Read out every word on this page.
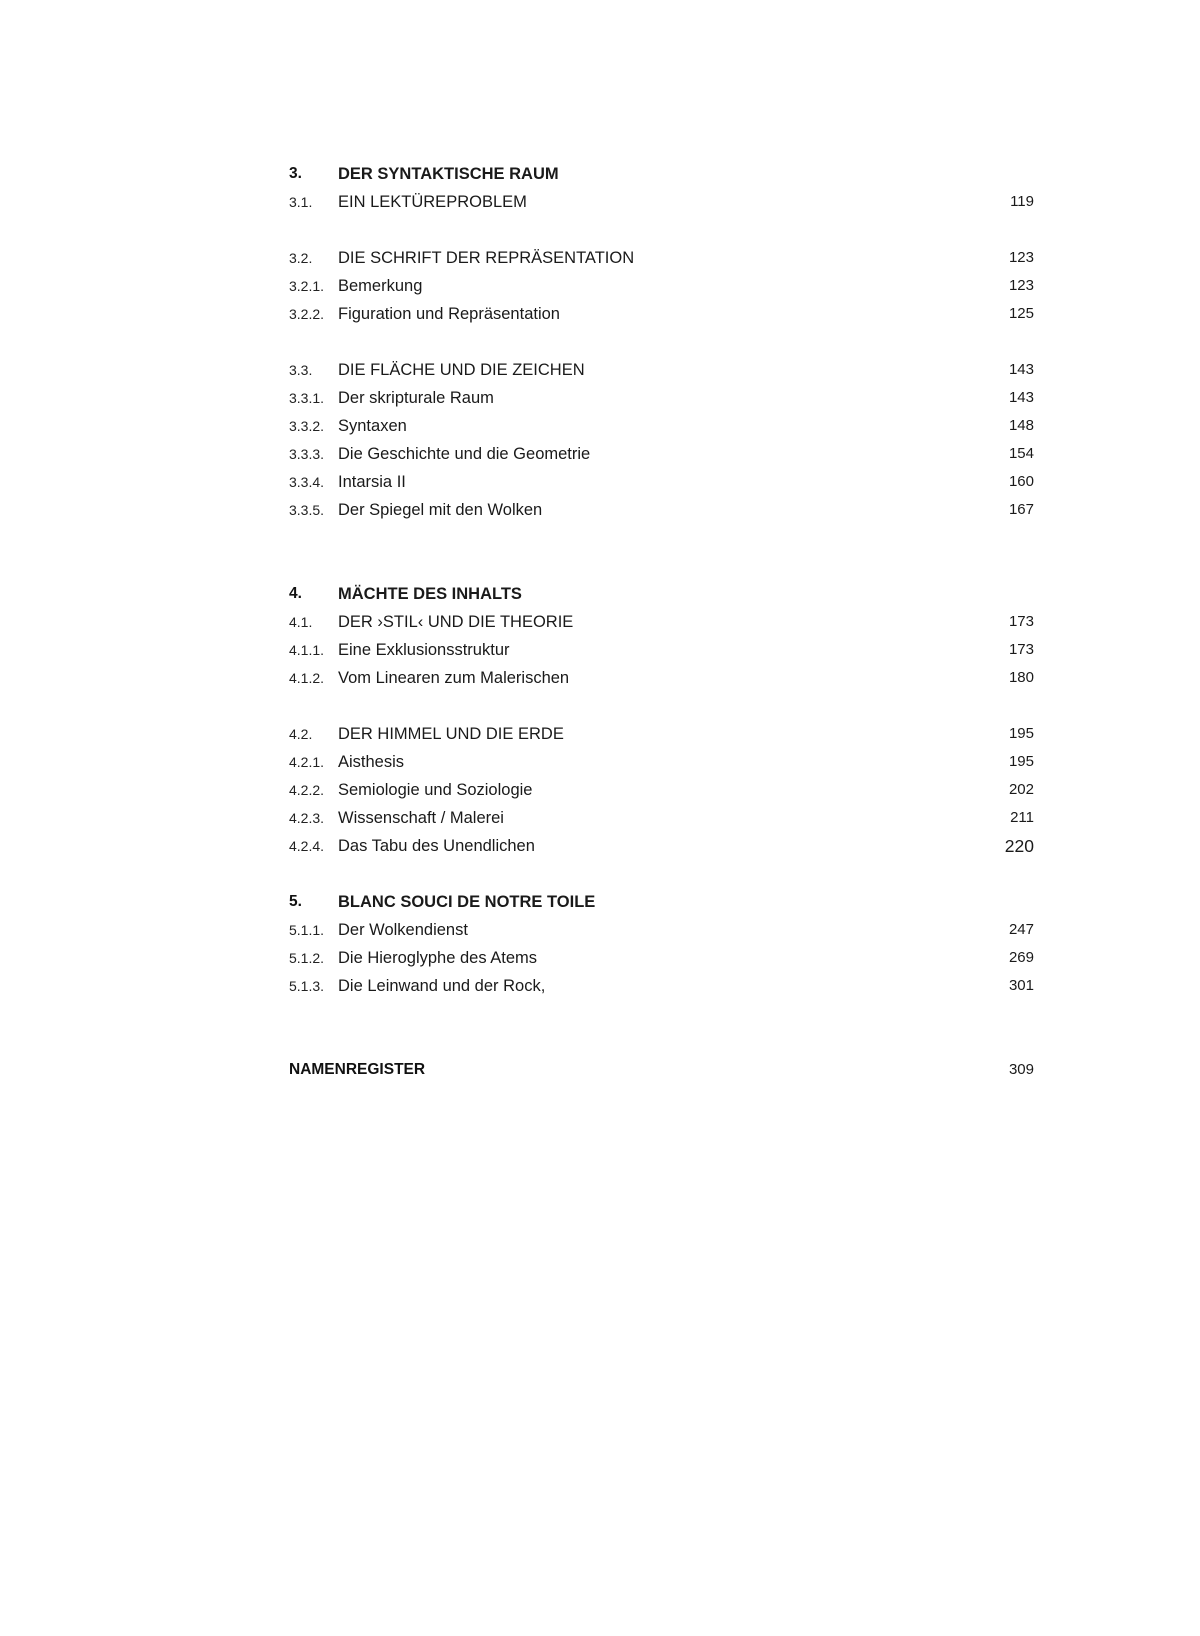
3. DER SYNTAKTISCHE RAUM
3.1. EIN LEKTÜREPROBLEM	119
3.2. DIE SCHRIFT DER REPRÄSENTATION	123
3.2.1. Bemerkung	123
3.2.2. Figuration und Repräsentation	125
3.3. DIE FLÄCHE UND DIE ZEICHEN	143
3.3.1. Der skripturale Raum	143
3.3.2. Syntaxen	148
3.3.3. Die Geschichte und die Geometrie	154
3.3.4. Intarsia II	160
3.3.5. Der Spiegel mit den Wolken	167
4. MÄCHTE DES INHALTS
4.1. DER ›STIL‹ UND DIE THEORIE	173
4.1.1. Eine Exklusionsstruktur	173
4.1.2. Vom Linearen zum Malerischen	180
4.2. DER HIMMEL UND DIE ERDE	195
4.2.1. Aisthesis	195
4.2.2. Semiologie und Soziologie	202
4.2.3. Wissenschaft / Malerei	211
4.2.4. Das Tabu des Unendlichen	220
5. BLANC SOUCI DE NOTRE TOILE
5.1.1. Der Wolkendienst	247
5.1.2. Die Hieroglyphe des Atems	269
5.1.3. Die Leinwand und der Rock,	301
NAMENREGISTER	309
